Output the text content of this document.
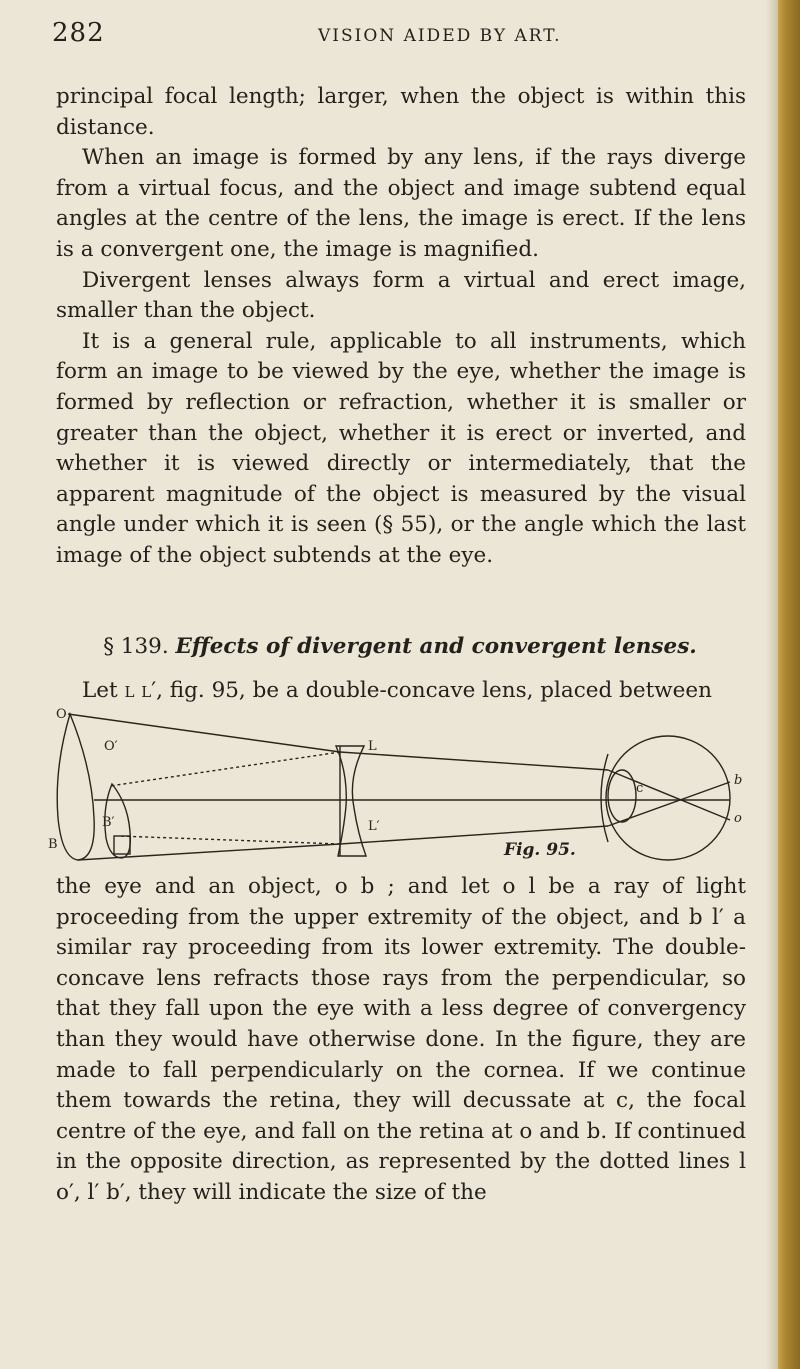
282	VISION AIDED BY ART.

principal focal length; larger, when the object is within this distance.

When an image is formed by any lens, if the rays diverge from a virtual focus, and the object and image subtend equal angles at the centre of the lens, the image is erect. If the lens is a convergent one, the image is magnified.

Divergent lenses always form a virtual and erect image, smaller than the object.

It is a general rule, applicable to all instruments, which form an image to be viewed by the eye, whether the image is formed by reflection or refraction, whether it is smaller or greater than the object, whether it is erect or inverted, and whether it is viewed directly or intermediately, that the apparent magnitude of the object is measured by the visual angle under which it is seen (§ 55), or the angle which the last image of the object subtends at the eye.

§ 139. Effects of divergent and convergent lenses.
Let l l′, fig. 95, be a double-concave lens, placed between
O
O′
B
B′
L
L′
c
b
o
Fig. 95.

the eye and an object, o b ; and let o l be a ray of light proceeding from the upper extremity of the object, and b l′ a similar ray proceeding from its lower extremity. The double-concave lens refracts those rays from the perpendicular, so that they fall upon the eye with a less degree of convergency than they would have otherwise done. In the figure, they are made to fall perpendicularly on the cornea. If we continue them towards the retina, they will decussate at c, the focal centre of the eye, and fall on the retina at o and b. If continued in the opposite direction, as represented by the dotted lines l o′, l′ b′, they will indicate the size of the
